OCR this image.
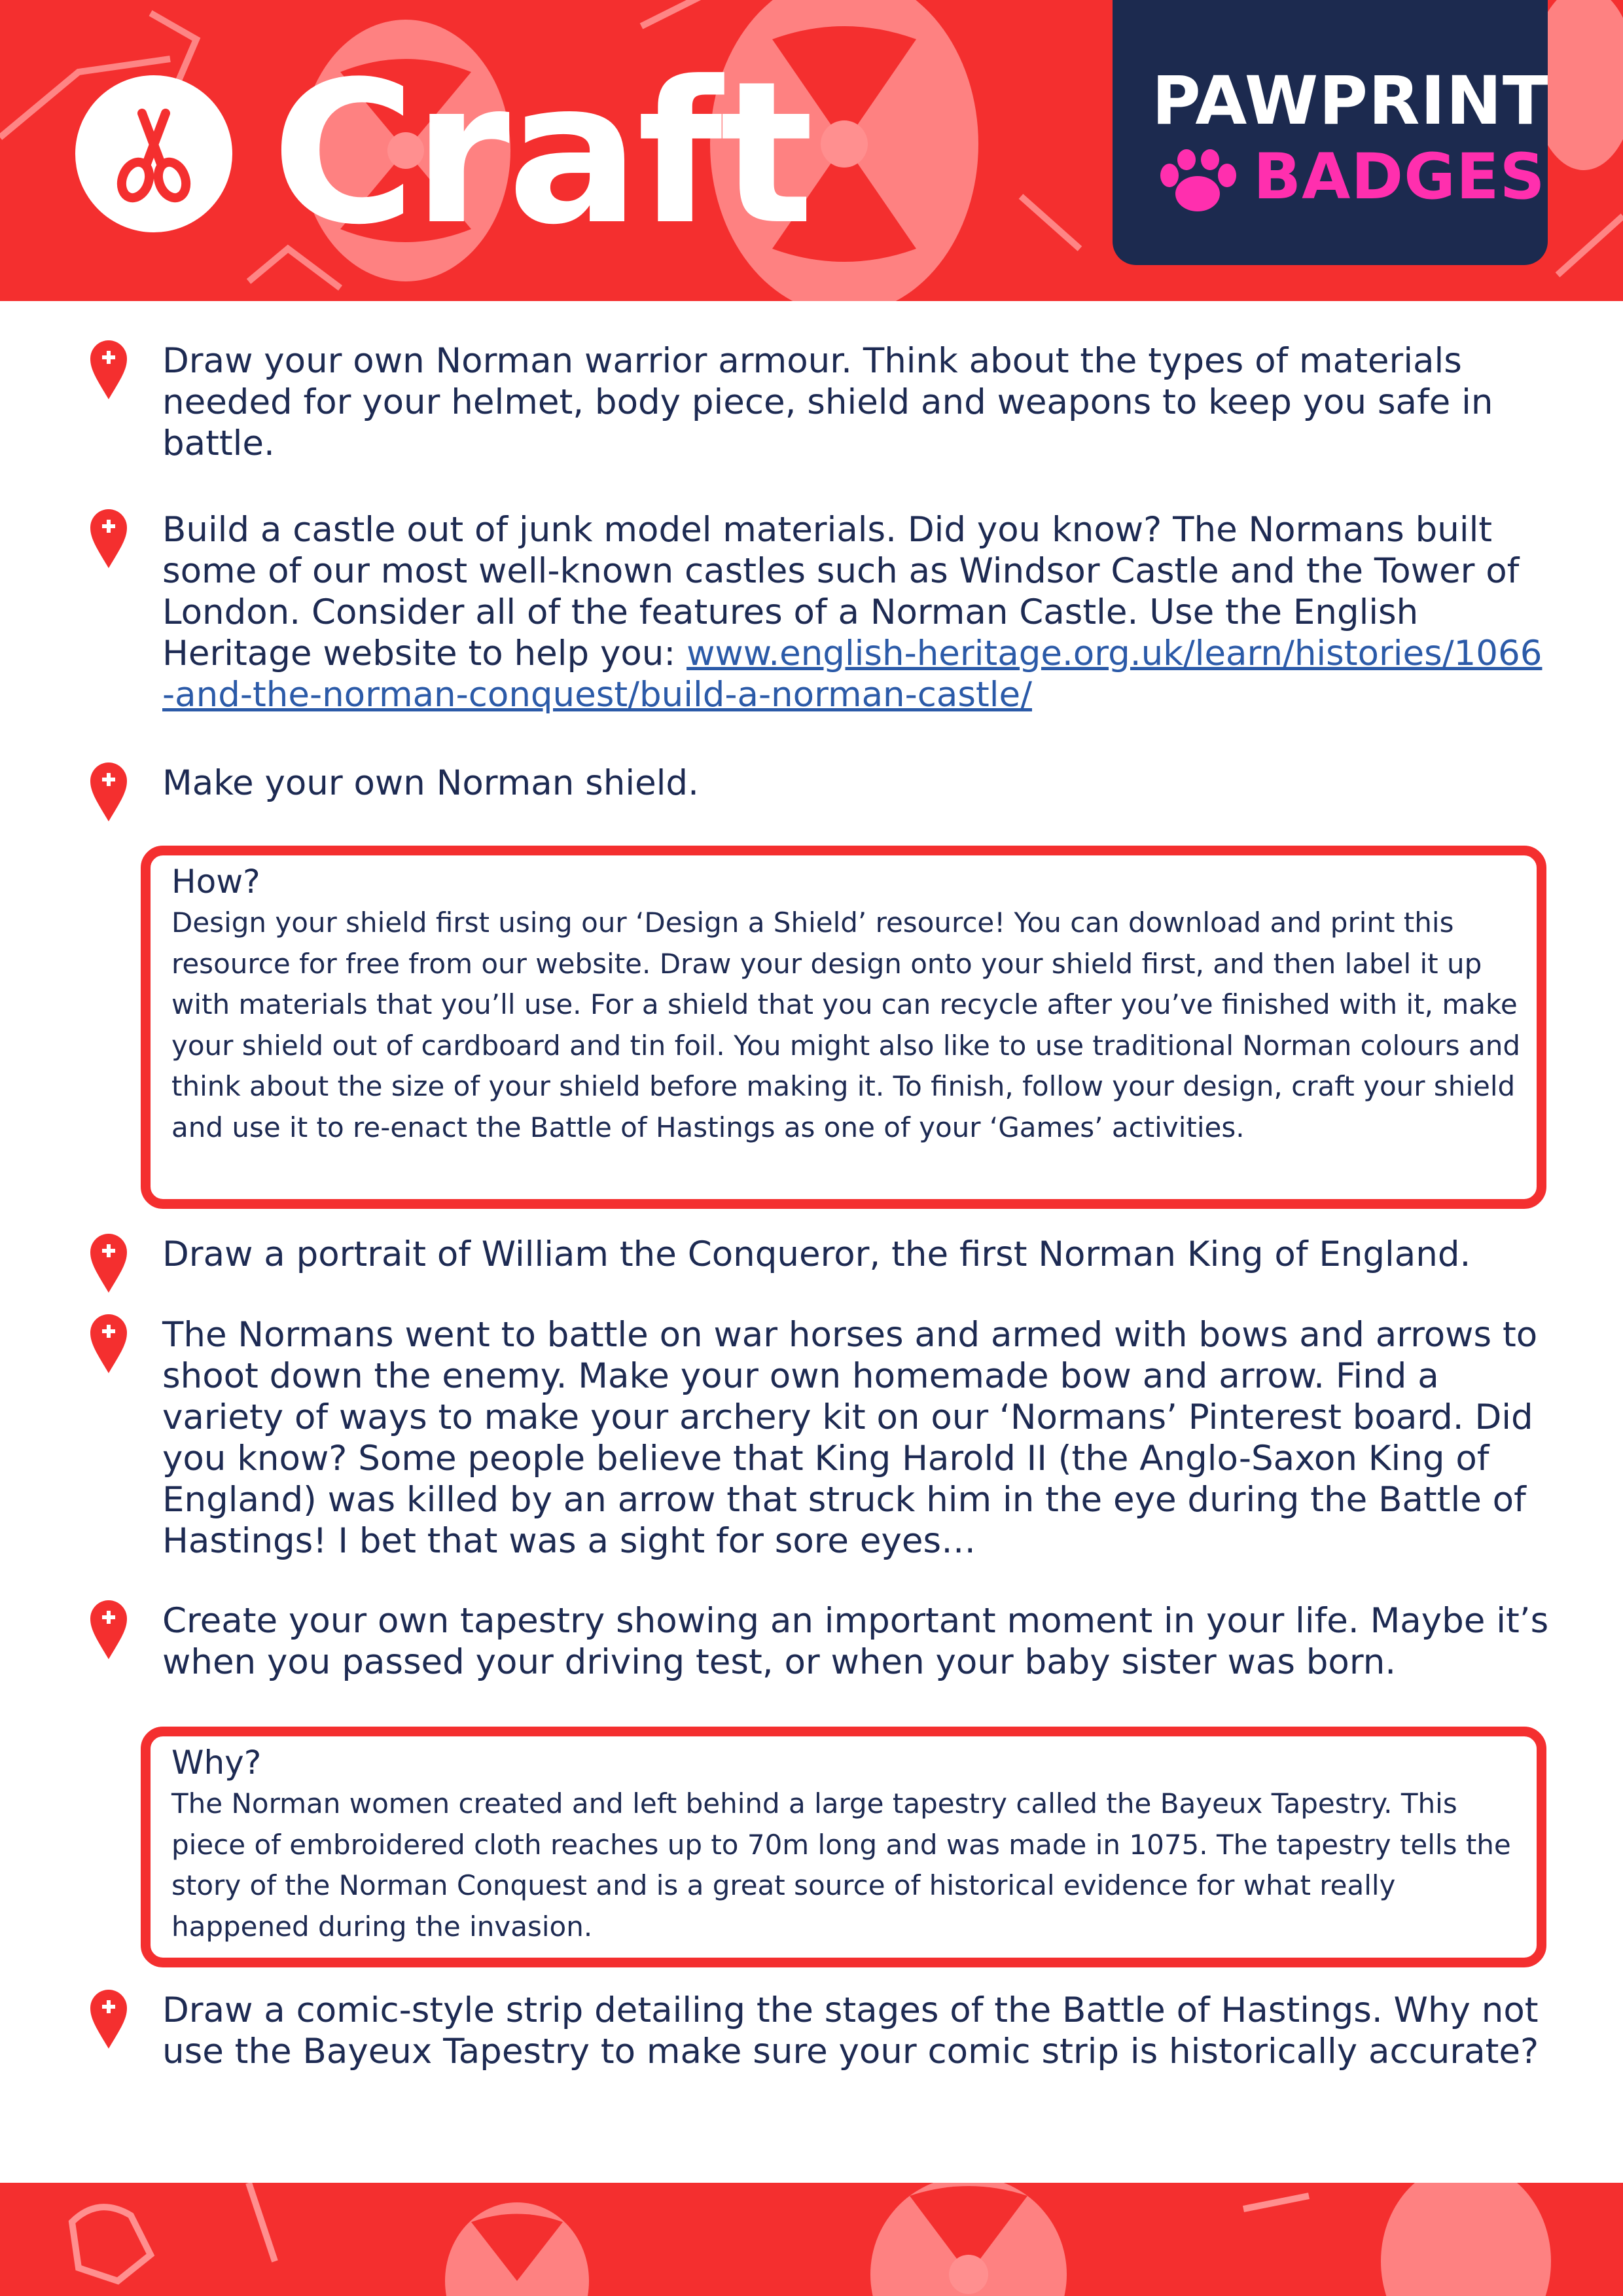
Craft	PAWPRINT
BADGES
Draw your own Norman warrior armour. Think about the types of materials needed for your helmet, body piece, shield and weapons to keep you safe in battle.
Build a castle out of junk model materials. Did you know? The Normans built some of our most well-known castles such as Windsor Castle and the Tower of London. Consider all of the features of a Norman Castle. Use the English Heritage website to help you: www.english-heritage.org.uk/learn/histories/1066-and-the-norman-conquest/build-a-norman-castle/
Make your own Norman shield.
How?
Design your shield first using our ‘Design a Shield’ resource! You can download and print this resource for free from our website. Draw your design onto your shield first, and then label it up with materials that you’ll use. For a shield that you can recycle after you’ve finished with it, make your shield out of cardboard and tin foil. You might also like to use traditional Norman colours and think about the size of your shield before making it. To finish, follow your design, craft your shield and use it to re-enact the Battle of Hastings as one of your ‘Games’ activities.
Draw a portrait of William the Conqueror, the first Norman King of England.
The Normans went to battle on war horses and armed with bows and arrows to shoot down the enemy. Make your own homemade bow and arrow. Find a variety of ways to make your archery kit on our ‘Normans’ Pinterest board. Did you know? Some people believe that King Harold II (the Anglo-Saxon King of England) was killed by an arrow that struck him in the eye during the Battle of Hastings! I bet that was a sight for sore eyes…
Create your own tapestry showing an important moment in your life. Maybe it’s when you passed your driving test, or when your baby sister was born.
Why?
The Norman women created and left behind a large tapestry called the Bayeux Tapestry. This piece of embroidered cloth reaches up to 70m long and was made in 1075. The tapestry tells the story of the Norman Conquest and is a great source of historical evidence for what really happened during the invasion.
Draw a comic-style strip detailing the stages of the Battle of Hastings. Why not use the Bayeux Tapestry to make sure your comic strip is historically accurate?
